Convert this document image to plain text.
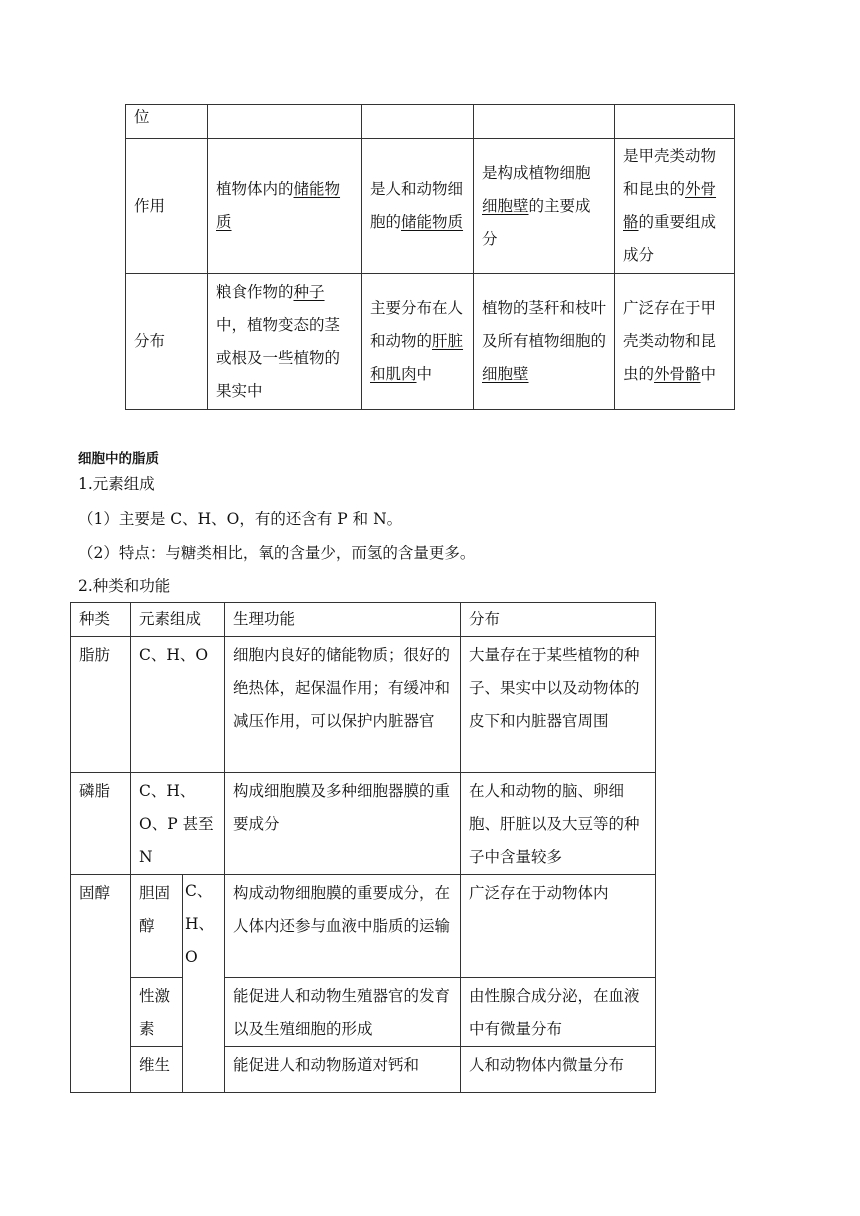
位				
作用	植物体内的储能物质	是人和动物细胞的储能物质	是构成植物细胞细胞壁的主要成分	是甲壳类动物和昆虫的外骨骼的重要组成成分
分布	粮食作物的种子中，植物变态的茎或根及一些植物的果实中	主要分布在人和动物的肝脏和肌肉中	植物的茎秆和枝叶及所有植物细胞的细胞壁	广泛存在于甲壳类动物和昆虫的外骨骼中
细胞中的脂质
1.元素组成
（1）主要是 C、H、O，有的还含有 P 和 N。
（2）特点：与糖类相比，氧的含量少，而氢的含量更多。
2.种类和功能
种类	元素组成		生理功能	分布
脂肪	C、H、O		细胞内良好的储能物质；很好的绝热体，起保温作用；有缓冲和减压作用，可以保护内脏器官	大量存在于某些植物的种子、果实中以及动物体的皮下和内脏器官周围
磷脂	C、H、O、P 甚至 N		构成细胞膜及多种细胞器膜的重要成分	在人和动物的脑、卵细胞、肝脏以及大豆等的种子中含量较多
固醇	胆固醇	C、H、O	构成动物细胞膜的重要成分，在人体内还参与血液中脂质的运输	广泛存在于动物体内
	性激素		能促进人和动物生殖器官的发育以及生殖细胞的形成	由性腺合成分泌，在血液中有微量分布
	维生		能促进人和动物肠道对钙和	人和动物体内微量分布
